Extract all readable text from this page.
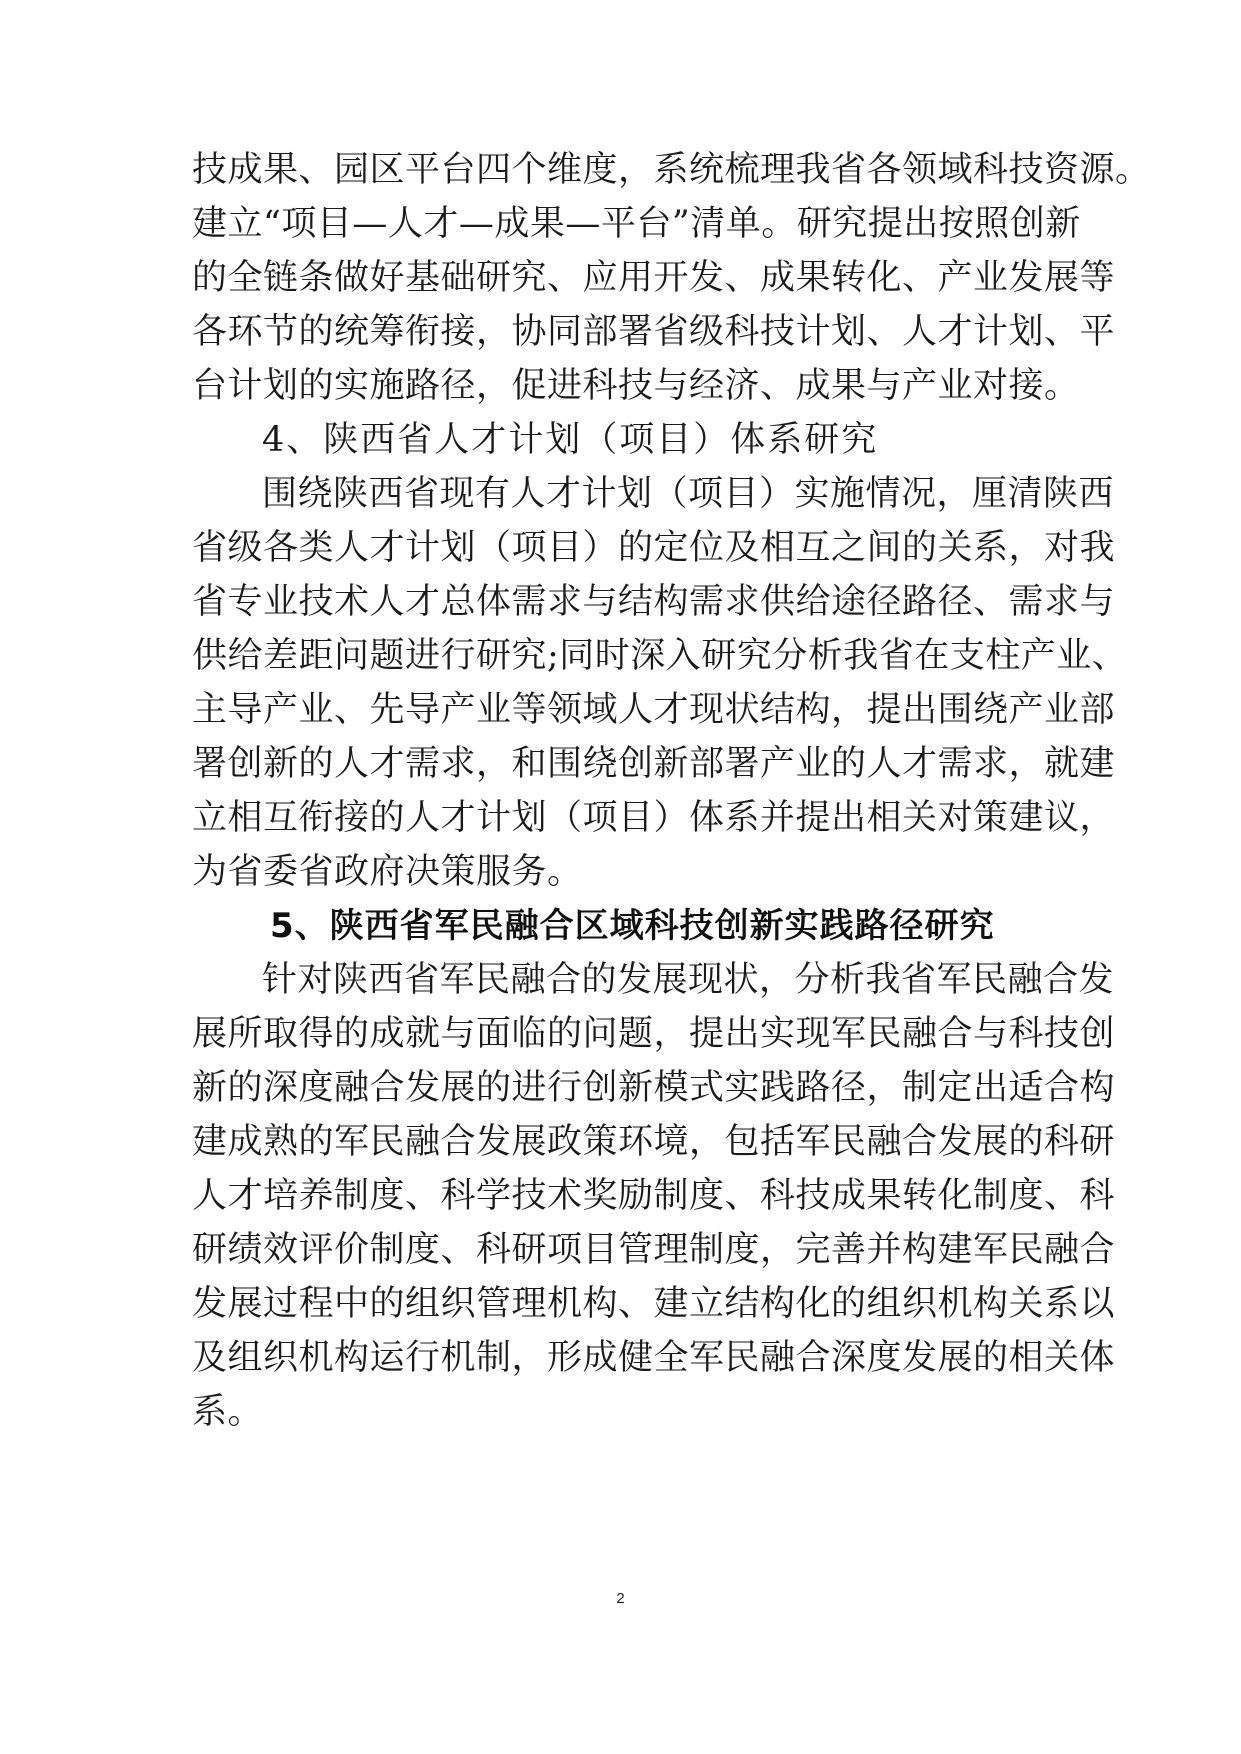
技成果、园区平台四个维度，系统梳理我省各领域科技资源。
建立“项目—人才—成果—平台”清单。研究提出按照创新
的全链条做好基础研究、应用开发、成果转化、产业发展等
各环节的统筹衔接，协同部署省级科技计划、人才计划、平
台计划的实施路径，促进科技与经济、成果与产业对接。
4、陕西省人才计划（项目）体系研究
围绕陕西省现有人才计划（项目）实施情况，厘清陕西
省级各类人才计划（项目）的定位及相互之间的关系，对我
省专业技术人才总体需求与结构需求供给途径路径、需求与
供给差距问题进行研究;同时深入研究分析我省在支柱产业、
主导产业、先导产业等领域人才现状结构，提出围绕产业部
署创新的人才需求，和围绕创新部署产业的人才需求，就建
立相互衔接的人才计划（项目）体系并提出相关对策建议，
为省委省政府决策服务。
5、陕西省军民融合区域科技创新实践路径研究
针对陕西省军民融合的发展现状，分析我省军民融合发
展所取得的成就与面临的问题，提出实现军民融合与科技创
新的深度融合发展的进行创新模式实践路径，制定出适合构
建成熟的军民融合发展政策环境，包括军民融合发展的科研
人才培养制度、科学技术奖励制度、科技成果转化制度、科
研绩效评价制度、科研项目管理制度，完善并构建军民融合
发展过程中的组织管理机构、建立结构化的组织机构关系以
及组织机构运行机制，形成健全军民融合深度发展的相关体
系。
2
